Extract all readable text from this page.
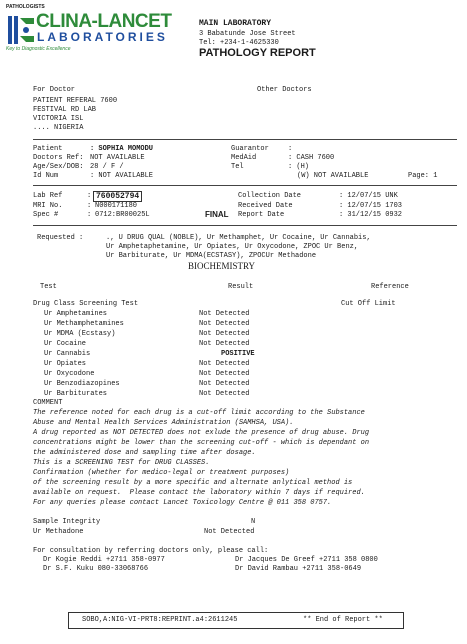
PATHOLOGISTS
CLINA-LANCET
LABORATORIES
Key to Diagnostic Excellence
MAIN LABORATORY
3 Babatunde Jose Street
Tel: +234-1-4625330
PATHOLOGY REPORT
For Doctor	Other Doctors
PATIENT REFERAL 7600
FESTIVAL RD LAB
VICTORIA ISL
.... NIGERIA
Patient	: SOPHIA MOMODU
Doctors Ref: NOT AVAILABLE
Age/Sex/DOB: 28 / F /
Id Num	: NOT AVAILABLE
Guarantor	:
MedAid	: CASH 7600
Tel	: (H)
(W) NOT AVAILABLE	Page: 1
Lab Ref	: 760052794
MRI No.	: N000171180
Spec #	: 0712:BR00025L
Collection Date	: 12/07/15 UNK
Received Date	: 12/07/15 1703
FINAL Report Date	: 31/12/15 0932
Requested :	., U DRUG QUAL (NOBLE), Ur Methamphet, Ur Cocaine, Ur Cannabis,
Ur Amphetaphetamine, Ur Opiates, Ur Oxycodone, ZPOC Ur Benz,
Ur Barbiturate, Ur MDMA(ECSTASY), ZPOCUr Methadone
BIOCHEMISTRY
Test	Result	Reference
Drug Class Screening Test	Cut Off Limit
Ur Amphetamines	Not Detected
Ur Methamphetamines	Not Detected
Ur MDMA (Ecstasy)	Not Detected
Ur Cocaine	Not Detected
Ur Cannabis	POSITIVE
Ur Opiates	Not Detected
Ur Oxycodone	Not Detected
Ur Benzodiazopines	Not Detected
Ur Barbiturates	Not Detected
COMMENT
The reference noted for each drug is a cut-off limit according to the Substance
Abuse and Mental Health Services Administration (SAMHSA, USA).
A drug reported as NOT DETECTED does not exlude the presence of drug abuse. Drug
concentrations might be lower than the screening cut-off - which is dependant on
the administered dose and sampling time after dosage.
This is a SCREENING TEST for DRUG CLASSES.
Confirmation (whether for medico-legal or treatment purposes)
of the screening result by a more specific and alternate anlytical method is
available on request.  Please contact the laboratory within 7 days if required.
For any queries please contact Lancet Toxicology Centre @ 011 358 0757.
Sample Integrity	N
Ur Methadone	Not Detected
For consultation by referring doctors only, please call:
Dr Kogie Reddi +2711 358-0977
Dr S.F. Kuku 080-33068766
Dr Jacques De Greef +2711 358 0800
Dr David Rambau +2711 358-0649
SOBO,A:NIG-VI-PRT8:REPRINT.a4:2611245	** End of Report **
